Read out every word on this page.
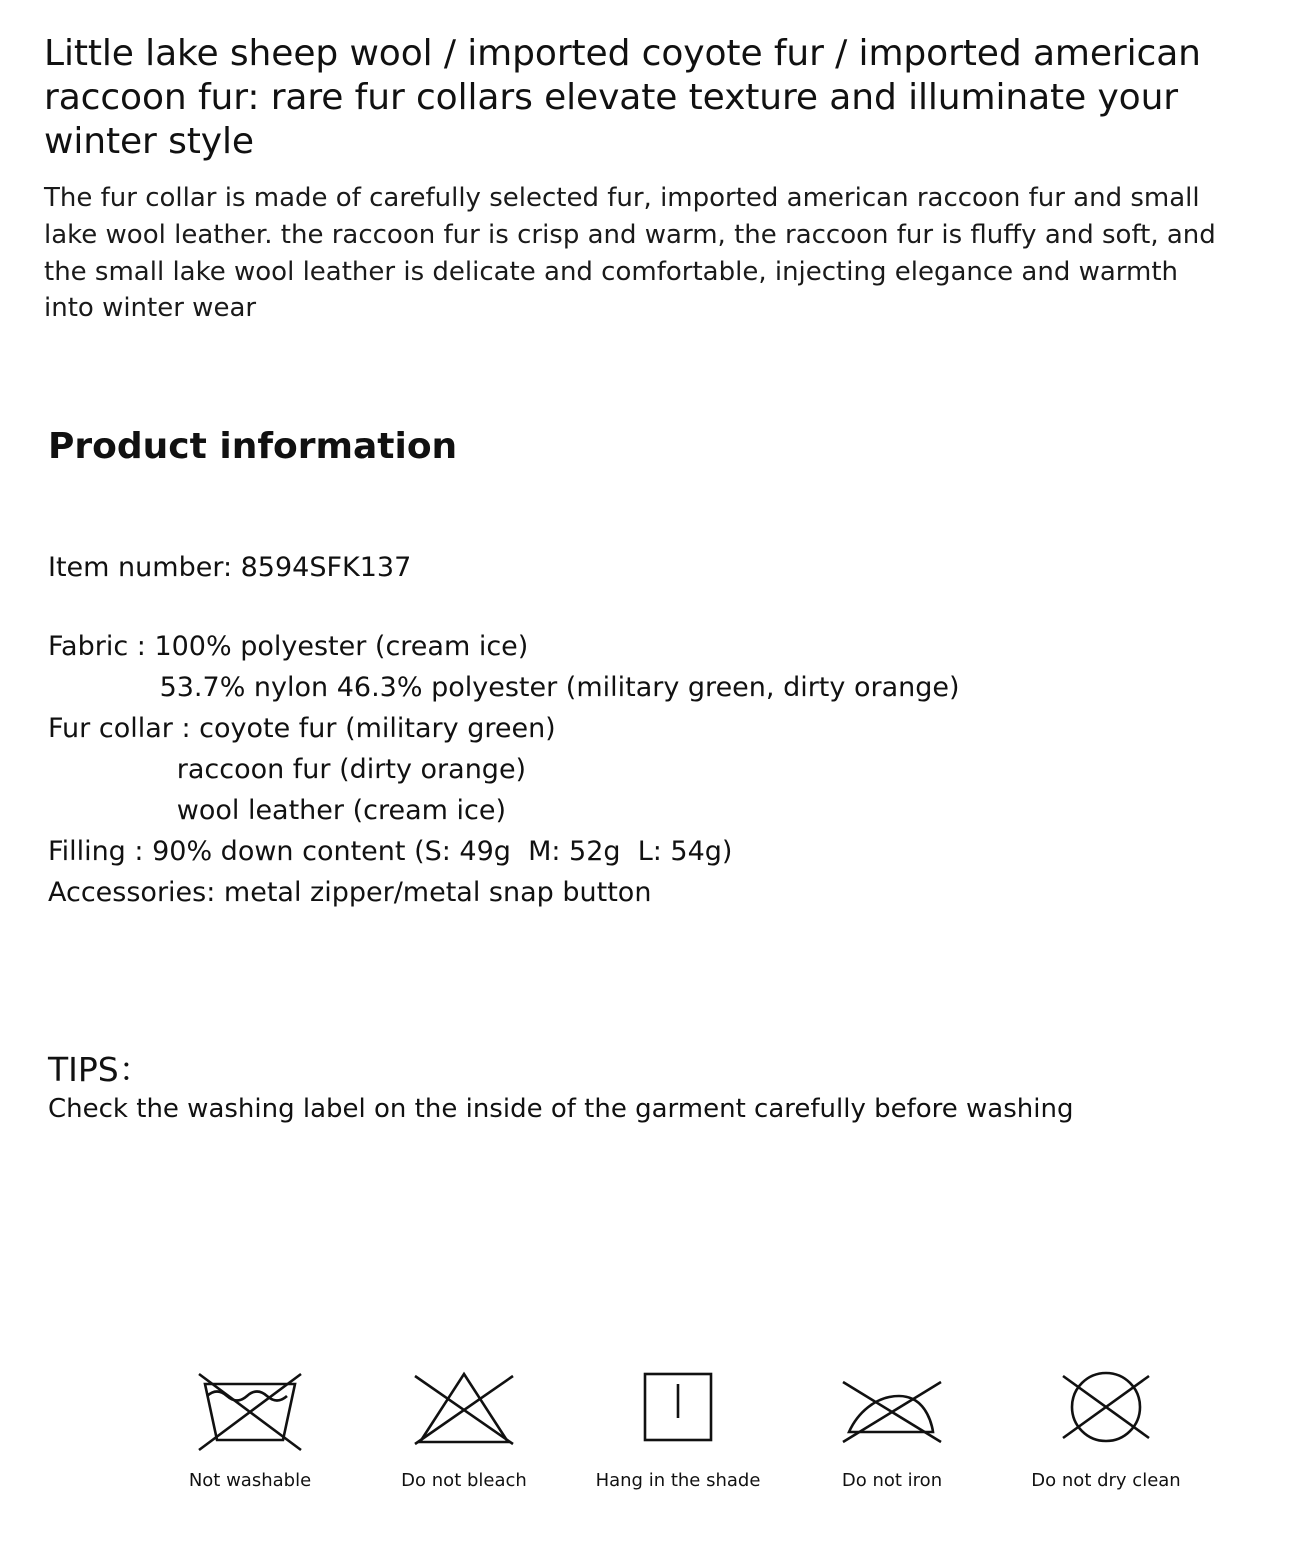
Little lake sheep wool / imported coyote fur / imported american raccoon fur: rare fur collars elevate texture and illuminate your winter style

The fur collar is made of carefully selected fur, imported american raccoon fur and small lake wool leather. the raccoon fur is crisp and warm, the raccoon fur is fluffy and soft, and the small lake wool leather is delicate and comfortable, injecting elegance and warmth into winter wear

Product information
Item number: 8594SFK137
Fabric : 100% polyester (cream ice)
53.7% nylon 46.3% polyester (military green, dirty orange)
Fur collar : coyote fur (military green)
raccoon fur (dirty orange)
wool leather (cream ice)
Filling : 90% down content (S: 49g  M: 52g  L: 54g)
Accessories: metal zipper/metal snap button
TIPS：
Check the washing label on the inside of the garment carefully before washing
Not washable	Do not bleach	Hang in the shade	Do not iron	Do not dry clean
